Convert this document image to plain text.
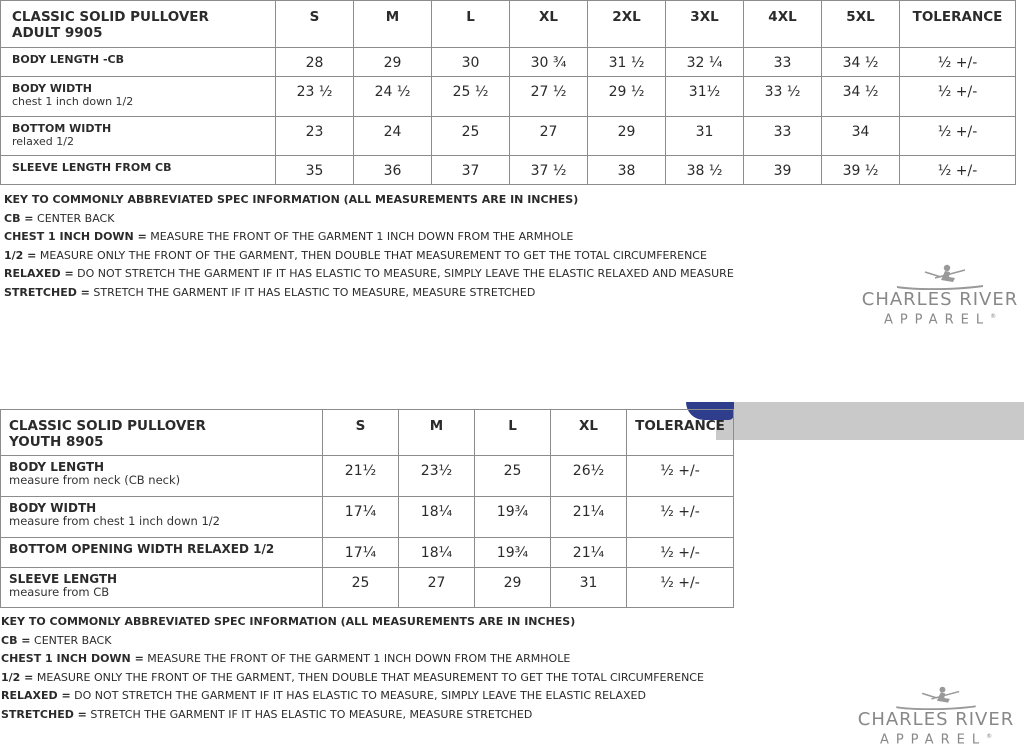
CLASSIC SOLID PULLOVER
ADULT 9905	S	M	L	XL	2XL	3XL	4XL	5XL	TOLERANCE

BODY LENGTH -CB	28	29	30	30 ¾	31 ½	32 ¼	33	34 ½	½ +/-

BODY WIDTH
chest 1 inch down 1/2	23 ½	24 ½	25 ½	27 ½	29 ½	31½	33 ½	34 ½	½ +/-

BOTTOM WIDTH
relaxed 1/2	23	24	25	27	29	31	33	34	½ +/-

SLEEVE LENGTH FROM CB	35	36	37	37 ½	38	38 ½	39	39 ½	½ +/-
KEY TO COMMONLY ABBREVIATED SPEC INFORMATION (ALL MEASUREMENTS ARE IN INCHES)
CB = CENTER BACK
CHEST 1 INCH DOWN = MEASURE THE FRONT OF THE GARMENT 1 INCH DOWN FROM THE ARMHOLE
1/2 = MEASURE ONLY THE FRONT OF THE GARMENT, THEN DOUBLE THAT MEASUREMENT TO GET THE TOTAL CIRCUMFERENCE
RELAXED = DO NOT STRETCH THE GARMENT IF IT HAS ELASTIC TO MEASURE, SIMPLY LEAVE THE ELASTIC RELAXED AND MEASURE
STRETCHED = STRETCH THE GARMENT IF IT HAS ELASTIC TO MEASURE, MEASURE STRETCHED	CHARLES RIVER
APPAREL®
CLASSIC SOLID PULLOVER
YOUTH 8905	S	M	L	XL	TOLERANCE

BODY LENGTH
measure from neck (CB neck)	21½	23½	25	26½	½ +/-

BODY WIDTH
measure from chest 1 inch down 1/2	17¼	18¼	19¾	21¼	½ +/-

BOTTOM OPENING WIDTH RELAXED 1/2	17¼	18¼	19¾	21¼	½ +/-

SLEEVE LENGTH
measure from CB	25	27	29	31	½ +/-
KEY TO COMMONLY ABBREVIATED SPEC INFORMATION (ALL MEASUREMENTS ARE IN INCHES)
CB = CENTER BACK
CHEST 1 INCH DOWN = MEASURE THE FRONT OF THE GARMENT 1 INCH DOWN FROM THE ARMHOLE
1/2 = MEASURE ONLY THE FRONT OF THE GARMENT, THEN DOUBLE THAT MEASUREMENT TO GET THE TOTAL CIRCUMFERENCE
RELAXED = DO NOT STRETCH THE GARMENT IF IT HAS ELASTIC TO MEASURE, SIMPLY LEAVE THE ELASTIC RELAXED
STRETCHED = STRETCH THE GARMENT IF IT HAS ELASTIC TO MEASURE, MEASURE STRETCHED	CHARLES RIVER
APPAREL®
